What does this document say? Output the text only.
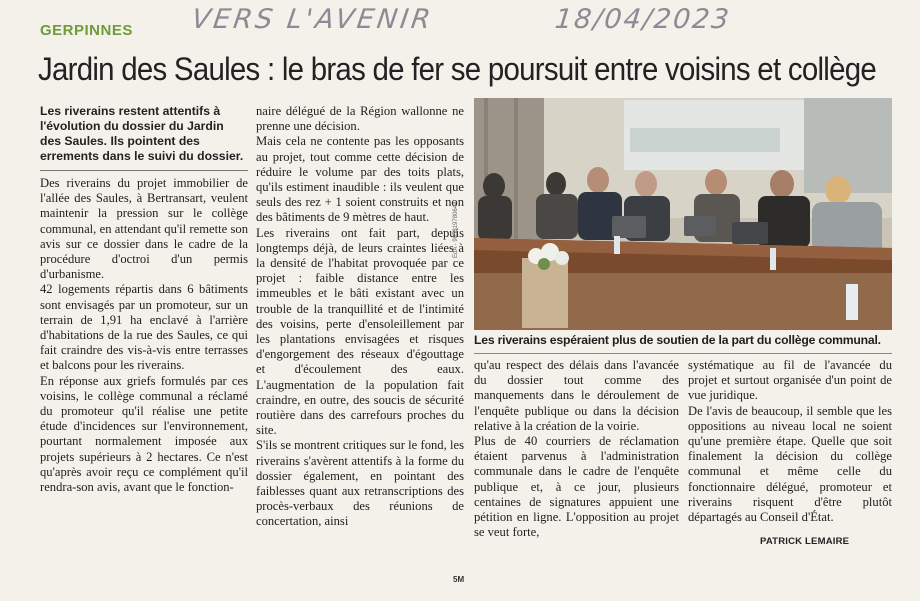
GERPINNES VERS L'AVENIR	18/04/2023
Jardin des Saules : le bras de fer se poursuit entre voisins et collège
Les riverains restent attentifs à l'évolution du dossier du Jardin des Saules. Ils pointent des errements dans le suivi du dossier.

Des riverains du projet immobilier de l'allée des Saules, à Bertransart, veulent maintenir la pression sur le collège communal, en attendant qu'il remette son avis sur ce dossier dans le cadre de la procédure d'octroi d'un permis d'urbanisme.

42 logements répartis dans 6 bâtiments sont envisagés par un promoteur, sur un terrain de 1,91 ha enclavé à l'arrière d'habitations de la rue des Saules, ce qui fait craindre des vis-à-vis entre terrasses et balcons pour les riverains.

En réponse aux griefs formulés par ces voisins, le collège communal a réclamé du promoteur qu'il réalise une petite étude d'incidences sur l'environnement, pourtant normalement imposée aux projets supérieurs à 2 hectares. Ce n'est qu'après avoir reçu ce complément qu'il rendra-son avis, avant que le fonction-

naire délégué de la Région wallonne ne prenne une décision.

Mais cela ne contente pas les opposants au projet, tout comme cette décision de réduire le volume par des toits plats, qu'ils estiment inaudible : ils veulent que seuls des rez + 1 soient construits et non des bâtiments de 9 mètres de haut.

Les riverains ont fait part, depuis longtemps déjà, de leurs craintes liées à la densité de l'habitat provoquée par ce projet : faible distance entre les immeubles et le bâti existant avec un trouble de la tranquillité et de l'intimité des voisins, perte d'ensoleillement par les plantations envisagées et risques d'engorgement des réseaux d'égouttage et d'écoulement des eaux. L'augmentation de la population fait craindre, en outre, des soucis de sécurité routière dans des carrefours proches du site.

S'ils se montrent critiques sur le fond, les riverains s'avèrent attentifs à la forme du dossier également, en pointant des faiblesses quant aux retranscriptions des procès-verbaux des réunions de concertation, ainsi

EdA - 905819780644
Les riverains espéraient plus de soutien de la part du collège communal.

qu'au respect des délais dans l'avancée du dossier tout comme des manquements dans le déroulement de l'enquête publique ou dans la décision relative à la création de la voirie.

Plus de 40 courriers de réclamation étaient parvenus à l'administration communale dans le cadre de l'enquête publique et, à ce jour, plusieurs centaines de signatures appuient une pétition en ligne. L'opposition au projet se veut forte,

systématique au fil de l'avancée du projet et surtout organisée d'un point de vue juridique.

De l'avis de beaucoup, il semble que les oppositions au niveau local ne soient qu'une première étape. Quelle que soit finalement la décision du collège communal et même celle du fonctionnaire délégué, promoteur et riverains risquent d'être plutôt départagés au Conseil d'État.

PATRICK LEMAIRE
5M
